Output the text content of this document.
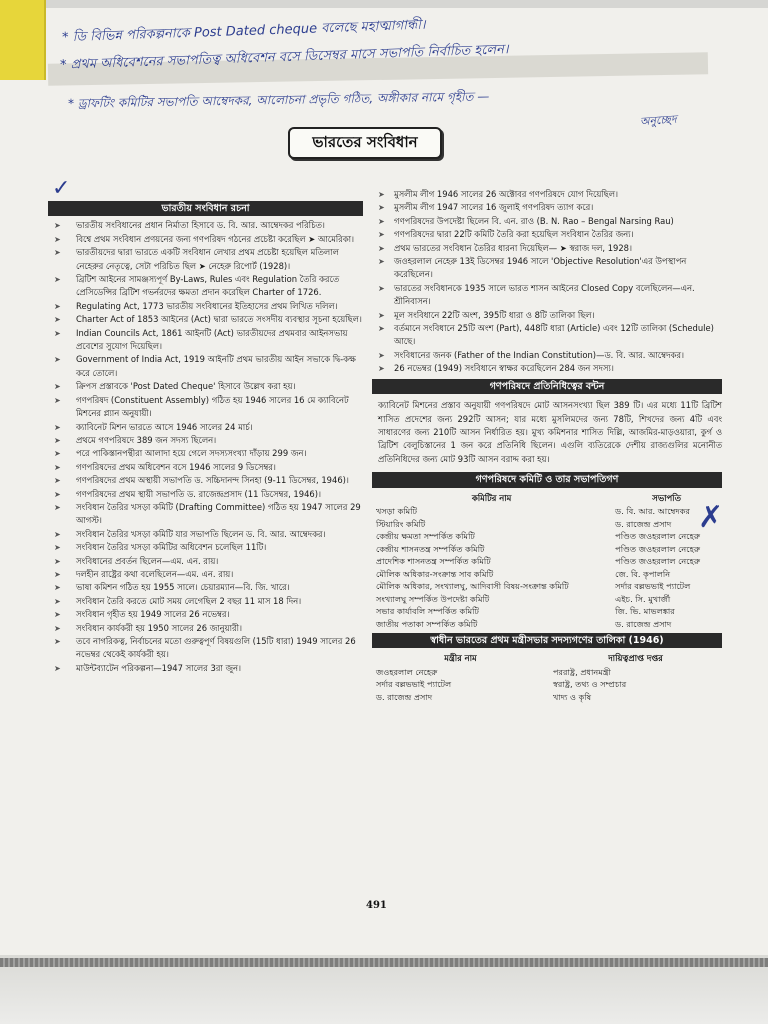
* ডি বিভিন্ন পরিকল্পনাকে Post Dated cheque বলেছে মহাত্মাগান্ধী।
* প্রথম অধিবেশনের সভাপতিত্ব অধিবেশন বসে ডিসেম্বর মাসে সভাপতি নির্বাচিত হলেন।
* ড্রাফটিং কমিটির সভাপতি আম্বেদকর, আলোচনা প্রভৃতি গঠিত, অঙ্গীকার নামে গৃহীত —
অনুচ্ছেদ
ভারতের সংবিধান
✓
ভারতীয় সংবিধান রচনা
➤ ভারতীয় সংবিধানের প্রধান নির্মাতা হিসাবে ড. বি. আর. আম্বেদকর পরিচিত।
➤ বিশ্বে প্রথম সংবিধান প্রণয়নের জন্য গণপরিষদ গঠনের প্রচেষ্টা করেছিল ➤ আমেরিকা।
➤ ভারতীয়দের দ্বারা ভারতে একটি সংবিধান লেখার প্রথম প্রচেষ্টা হয়েছিল মতিলাল নেহেরুর নেতৃত্বে, সেটা পরিচিত ছিল ➤ নেহেরু রিপোর্ট (1928)।
➤ ব্রিটিশ আইনের সামঞ্জস্যপূর্ণ By-Laws, Rules এবং Regulation তৈরি করতে প্রেসিডেন্সির ব্রিটিশ গভর্নরদের ক্ষমতা প্রদান করেছিল Charter of 1726.
➤ Regulating Act, 1773 ভারতীয় সংবিধানের ইতিহাসের প্রথম লিখিত দলিল।
➤ Charter Act of 1853 আইনের (Act) দ্বারা ভারতে সংসদীয় ব্যবস্থার সূচনা হয়েছিল।
➤ Indian Councils Act, 1861 আইনটি (Act) ভারতীয়দের প্রথমবার আইনসভায় প্রবেশের সুযোগ দিয়েছিল।
➤ Government of India Act, 1919 আইনটি প্রথম ভারতীয় আইন সভাকে দ্বি-কক্ষ করে তোলে।
➤ ক্রিপস প্রস্তাবকে 'Post Dated Cheque' হিসাবে উল্লেখ করা হয়।
➤ গণপরিষদ (Constituent Assembly) গঠিত হয় 1946 সালের 16 মে ক্যাবিনেট মিশনের প্ল্যান অনুযায়ী।
➤ ক্যাবিনেট মিশন ভারতে আসে 1946 সালের 24 মার্চ।
➤ প্রথমে গণপরিষদে 389 জন সদস্য ছিলেন।
➤ পরে পাকিস্তানপন্থীরা আলাদা হয়ে গেলে সদস্যসংখ্যা দাঁড়ায় 299 জন।
➤ গণপরিষদের প্রথম অধিবেশন বসে 1946 সালের 9 ডিসেম্বর।
➤ গণপরিষদের প্রথম অস্থায়ী সভাপতি ড. সচ্চিদানন্দ সিনহা (9-11 ডিসেম্বর, 1946)।
➤ গণপরিষদের প্রথম স্থায়ী সভাপতি ড. রাজেন্দ্রপ্রসাদ (11 ডিসেম্বর, 1946)।
➤ সংবিধান তৈরির খসড়া কমিটি (Drafting Committee) গঠিত হয় 1947 সালের 29 আগস্ট।
➤ সংবিধান তৈরির খসড়া কমিটি যার সভাপতি ছিলেন ড. বি. আর. আম্বেদকর।
➤ সংবিধান তৈরির খসড়া কমিটির অধিবেশন চলেছিল 11টি।
➤ সংবিধানের প্রবর্তন ছিলেন—এম. এন. রায়।
➤ দলহীন রাষ্ট্রের কথা বলেছিলেন—এম. এন. রায়।
➤ ভাষা কমিশন গঠিত হয় 1955 সালে। চেয়ারম্যান—বি. জি. খারে।
➤ সংবিধান তৈরি করতে মোট সময় লেগেছিল 2 বছর 11 মাস 18 দিন।
➤ সংবিধান গৃহীত হয় 1949 সালের 26 নভেম্বর।
➤ সংবিধান কার্যকরী হয় 1950 সালের 26 জানুয়ারী।
➤ তবে নাগরিকত্ব, নির্বাচনের মতো গুরুত্বপূর্ণ বিষয়গুলি (15টি ধারা) 1949 সালের 26 নভেম্বর থেকেই কার্যকরী হয়।
➤ মাউন্টব্যাটেন পরিকল্পনা—1947 সালের 3রা জুন।
➤ মুসলীম লীগ 1946 সালের 26 অক্টোবর গণপরিষদে যোগ দিয়েছিল।
➤ মুসলীম লীগ 1947 সালের 16 জুলাই গণপরিষদ ত্যাগ করে।
➤ গণপরিষদের উপদেষ্টা ছিলেন বি. এন. রাও (B. N. Rao – Bengal Narsing Rau)
➤ গণপরিষদের দ্বারা 22টি কমিটি তৈরি করা হয়েছিল সংবিধান তৈরির জন্য।
➤ প্রথম ভারতের সংবিধান তৈরির ধারনা দিয়েছিল— ➤ স্বরাজ দল, 1928।
➤ জওহরলাল নেহেরু 13ই ডিসেম্বর 1946 সালে 'Objective Resolution'এর উপস্থাপন করেছিলেন।
➤ ভারতের সংবিধানকে 1935 সালে ভারত শাসন আইনের Closed Copy বলেছিলেন—এন. শ্রীনিবাসন।
➤ মূল সংবিধানে 22টি অংশ, 395টি ধারা ও 8টি তালিকা ছিল।
➤ বর্তমানে সংবিধানে 25টি অংশ (Part), 448টি ধারা (Article) এবং 12টি তালিকা (Schedule) আছে।
➤ সংবিধানের জনক (Father of the Indian Constitution)—ড. বি. আর. আম্বেদকর।
➤ 26 নভেম্বর (1949) সংবিধানে স্বাক্ষর করেছিলেন 284 জন সদস্য।
গণপরিষদে প্রতিনিধিত্বের বন্টন
ক্যাবিনেট মিশনের প্রস্তাব অনুযায়ী গণপরিষদে মোট আসনসংখ্যা ছিল 389 টি। এর মধ্যে 11টি ব্রিটিশ শাসিত প্রদেশের জন্য 292টি আসন; যার মধ্যে মুসলিমদের জন্য 78টি, শিখদের জন্য 4টি এবং সাধারণের জন্য 210টি আসন নির্ধারিত হয়। মুখ্য কমিশনার শাসিত দিল্লি, আজমির-মাড়ওয়ারা, কুর্গ ও ব্রিটিশ বেলুচিস্তানের 1 জন করে প্রতিনিধি ছিলেন। এগুলি ব্যতিরেকে দেশীয় রাজ্যগুলির মনোনীত প্রতিনিধিদের জন্য মোট 93টি আসন বরাদ্দ করা হয়।
গণপরিষদে কমিটি ও তার সভাপতিগণ
কমিটির নাম	সভাপতি
খসড়া কমিটি	ড. বি. আর. আম্বেদকর
স্টিয়ারিং কমিটি	ড. রাজেন্দ্র প্রসাদ
কেন্দ্রীয় ক্ষমতা সম্পর্কিত কমিটি	পণ্ডিত জওহরলাল নেহেরু
কেন্দ্রীয় শাসনতন্ত্র সম্পর্কিত কমিটি	পণ্ডিত জওহরলাল নেহেরু
প্রাদেশিক শাসনতন্ত্র সম্পর্কিত কমিটি	পণ্ডিত জওহরলাল নেহেরু
মৌলিক অধিকার-সংক্রান্ত সাব কমিটি	জে. বি. কৃপালনি
মৌলিক অধিকার, সংখ্যালঘু, আদিবাসী বিষয়-সংক্রান্ত কমিটি	সর্দার বল্লভভাই প্যাটেল
সংখ্যালঘু সম্পর্কিত উপদেষ্টা কমিটি	এইচ. সি. মুখার্জী
সভার কার্যাবলি সম্পর্কিত কমিটি	জি. ভি. মাভলঙ্কার
জাতীয় পতাকা সম্পর্কিত কমিটি	ড. রাজেন্দ্র প্রসাদ
স্বাধীন ভারতের প্রথম মন্ত্রীসভার সদস্যগণের তালিকা (1946)
মন্ত্রীর নাম	দায়িত্বপ্রাপ্ত দপ্তর
জওহরলাল নেহেরু	পররাষ্ট্র, প্রধানমন্ত্রী
সর্দার বল্লভভাই প্যাটেল	স্বরাষ্ট্র, তথ্য ও সম্প্রচার
ড. রাজেন্দ্র প্রসাদ	খাদ্য ও কৃষি
✗
491
